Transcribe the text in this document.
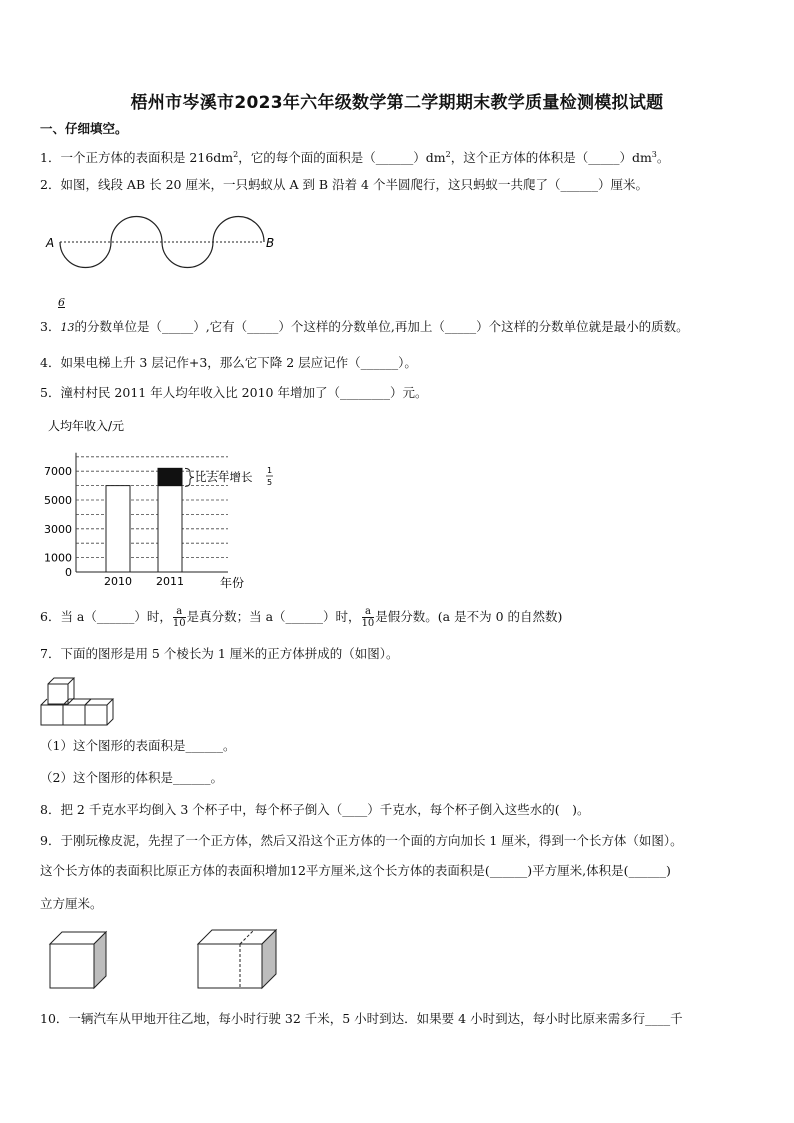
梧州市岑溪市2023年六年级数学第二学期期末教学质量检测模拟试题
一、仔细填空。
1．一个正方体的表面积是 $216dm^2$，它的每个面的面积是$(\_\_\_\_\_\_)dm^2$，这个正方体的体积是$(\_\_\_\_\_)dm^3$。
2．如图，线段 AB 长 20 厘米，一只蚂蚁从 A 到 B 沿着 4 个半圆爬行，这只蚂蚁一共爬了（______）厘米。
A	B
6
3．13的分数单位是（_____）,它有（_____）个这样的分数单位,再加上（_____）个这样的分数单位就是最小的质数。
4．如果电梯上升 3 层记作+3，那么它下降 2 层应记作（______）。
5．潼村村民 2011 年人均年收入比 2010 年增加了（________）元。
人均年收入/元
年份
0
1000
3000
5000
7000
2010 2011
比去年增长 1
5
6．当 a（______）时， $\frac{a}{10}$ 是真分数；当 a（______）时， $\frac{a}{10}$ 是假分数。(a 是不为 0 的自然数)
7．下面的图形是用 5 个棱长为 1 厘米的正方体拼成的（如图）。
（1）这个图形的表面积是______。
（2）这个图形的体积是______。
8．把 2 千克水平均倒入 3 个杯子中，每个杯子倒入（____）千克水，每个杯子倒入这些水的(　)。
9．于刚玩橡皮泥，先捏了一个正方体，然后又沿这个正方体的一个面的方向加长 1 厘米，得到一个长方体（如图）。
这个长方体的表面积比原正方体的表面积增加12平方厘米,这个长方体的表面积是(______)平方厘米,体积是(______)
立方厘米。
10．一辆汽车从甲地开往乙地，每小时行驶 32 千米，5 小时到达．如果要 4 小时到达，每小时比原来需多行____千
